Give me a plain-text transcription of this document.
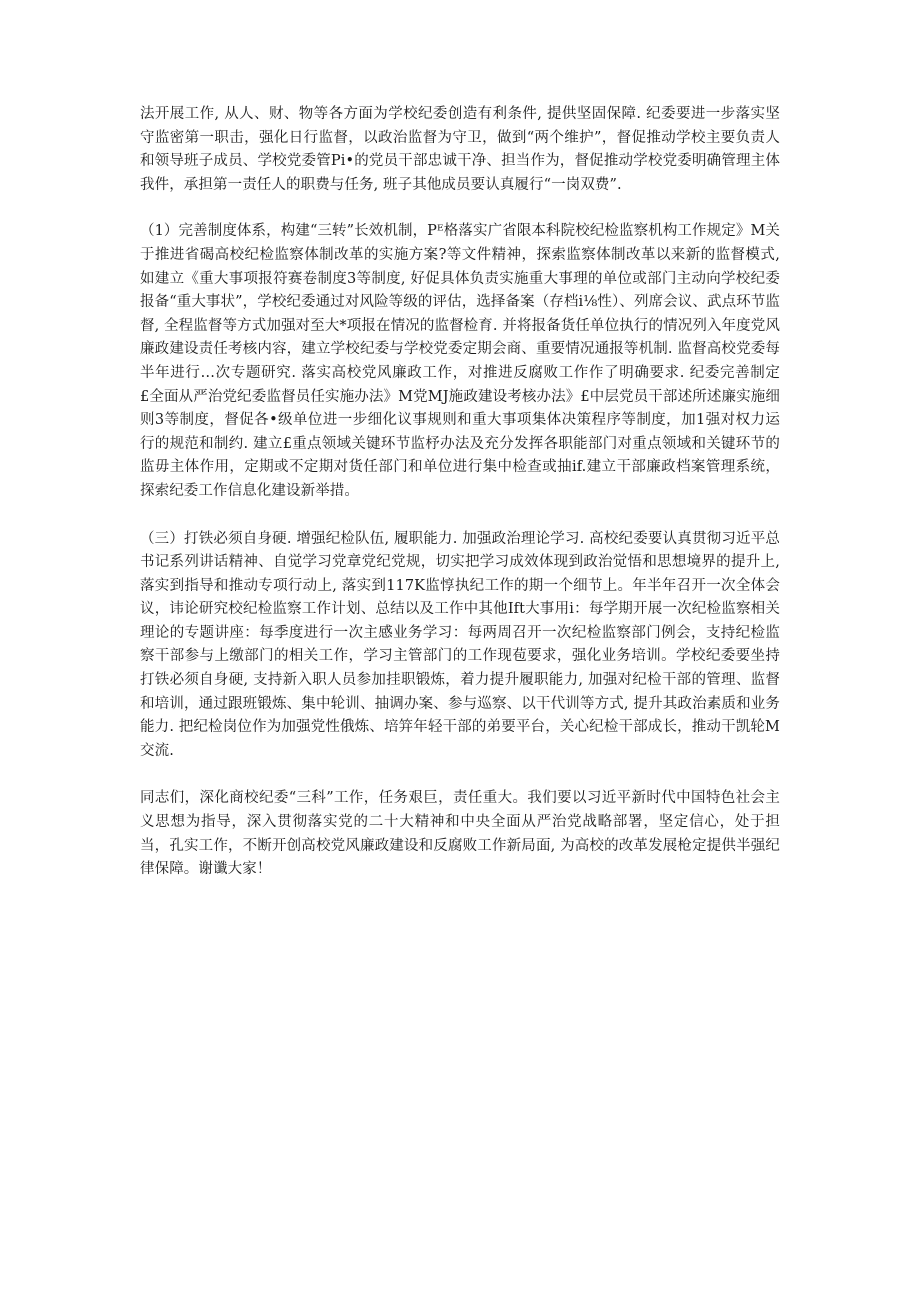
法开展工作, 从人、财、物等各方面为学校纪委创造有利条件, 提供坚固保障. 纪委要进一步落实坚守监密第一职击，强化日行监督，以政治监督为守卫，做到“两个维护”，督促推动学校主要负责人和领导班子成员、学校党委管Pi•的党员干部忠诚干净、担当作为，督促推动学校党委明确管理主体我件，承担第一责任人的职费与任务, 班子其他成员要认真履行“一岗双费”.

（1）完善制度体系，构建“三转”长效机制，Pᴱ格落实广省限本科院校纪检监察机构工作规定》M关于推进省碣高校纪检监察体制改革的实施方案?等文件精神，探索监察体制改革以来新的监督模式, 如建立《重大事项报符赛卷制度3等制度, 好促具体负责实施重大事理的单位或部门主动向学校纪委报备“重大事状”，学校纪委通过对风险等级的评估，选择备案（存档i⅛性）、列席会议、武点环节监督, 全程监督等方式加强对至大*项报在情况的监督检育. 并将报备货任单位执行的情况列入年度党风廉政建设责任考核内容，建立学校纪委与学校党委定期会商、重要情况通报等机制. 监督高校党委每半年进行…次专题研究. 落实高校党风廉政工作，对推进反腐败工作作了明确要求. 纪委完善制定£全面从严治党纪委监督员任实施办法》M党MJ施政建设考核办法》£中层党员干部述所述廉实施细则3等制度，督促各•级单位进一步细化议事规则和重大事项集体决策程序等制度，加1强对权力运行的规范和制约. 建立£重点领域关键环节监杼办法及充分发挥各职能部门对重点领域和关键环节的监毋主体作用，定期或不定期对货任部门和单位进行集中检查或抽if.建立干部廉政档案管理系统，探索纪委工作信息化建设新举措。

（三）打铁必须自身硬. 增强纪检队伍, 履职能力. 加强政治理论学习. 高校纪委要认真贯彻习近平总书记系列讲话精神、自觉学习党章党纪党规，切实把学习成效体现到政治觉悟和思想境界的提升上, 落实到指导和推动专项行动上, 落实到117K监惇执纪工作的期一个细节上。年半年召开一次全体会议，讳论研究校纪检监察工作计划、总结以及工作中其他Ift大事用i：每学期开展一次纪检监察相关理论的专题讲座：每季度进行一次主感业务学习：每两周召开一次纪检监察部门例会，支持纪检监察干部参与上缴部门的相关工作，学习主管部门的工作现苞要求，强化业务培训。学校纪委要坐持打铁必须自身硬, 支持新入职人员参加挂职锻炼，着力提升履职能力, 加强对纪检干部的管理、监督和培训，通过跟班锻炼、集中轮训、抽调办案、参与巡察、以干代训等方式, 提升其政治素质和业务能力. 把纪检岗位作为加强党性俄炼、培笄年轻干部的弟要平台，关心纪检干部成长，推动干凯轮M交流.

同志们，深化商校纪委“三科”工作，任务艰巨，责任重大。我们要以习近平新时代中国特色社会主义思想为指导，深入贯彻落实党的二十大精神和中央全面从严治党战略部署，坚定信心，处于担当，孔实工作，不断开创高校党风廉政建设和反腐败工作新局面, 为高校的改革发展枪定提供半强纪律保障。谢谶大家！
